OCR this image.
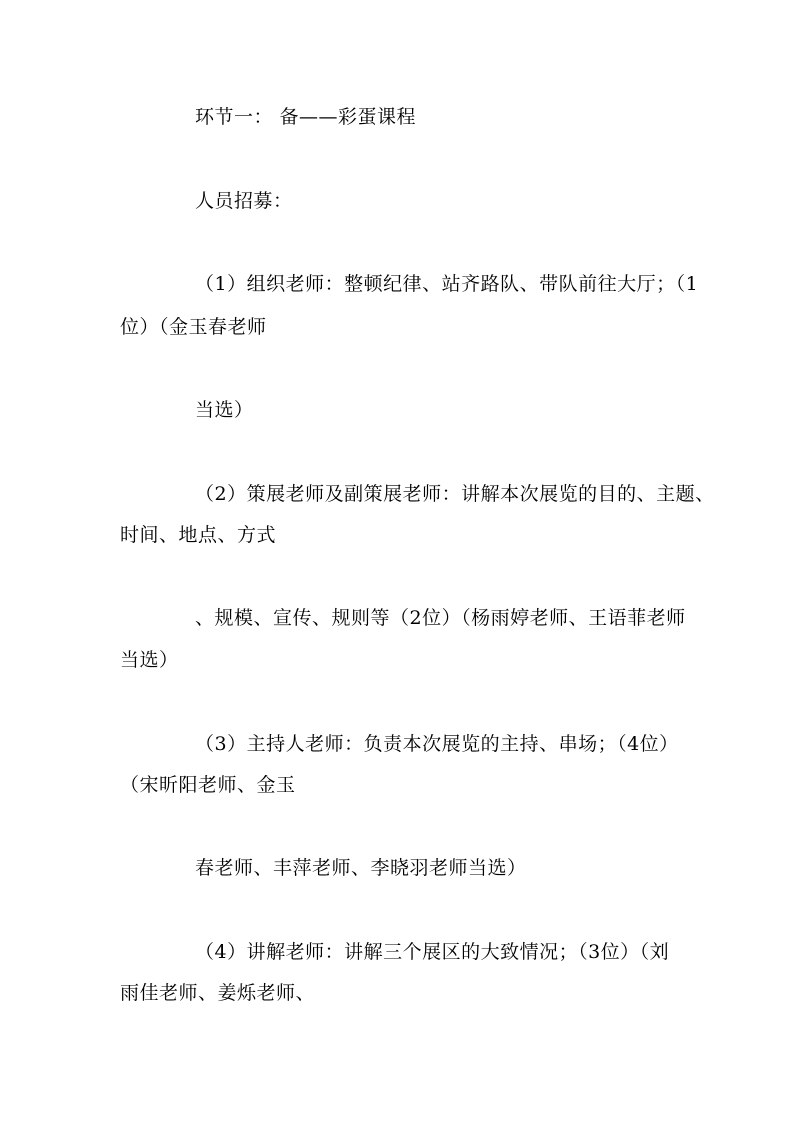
环节一： 备——彩蛋课程
人员招募：
（1）组织老师：整顿纪律、站齐路队、带队前往大厅；（1
位）（金玉春老师
当选）
（2）策展老师及副策展老师：讲解本次展览的目的、主题、
时间、地点、方式
、规模、宣传、规则等（2位）（杨雨婷老师、王语菲老师
当选）
（3）主持人老师：负责本次展览的主持、串场；（4位）
（宋昕阳老师、金玉
春老师、丰萍老师、李晓羽老师当选）
（4）讲解老师：讲解三个展区的大致情况；（3位）（刘
雨佳老师、姜烁老师、
